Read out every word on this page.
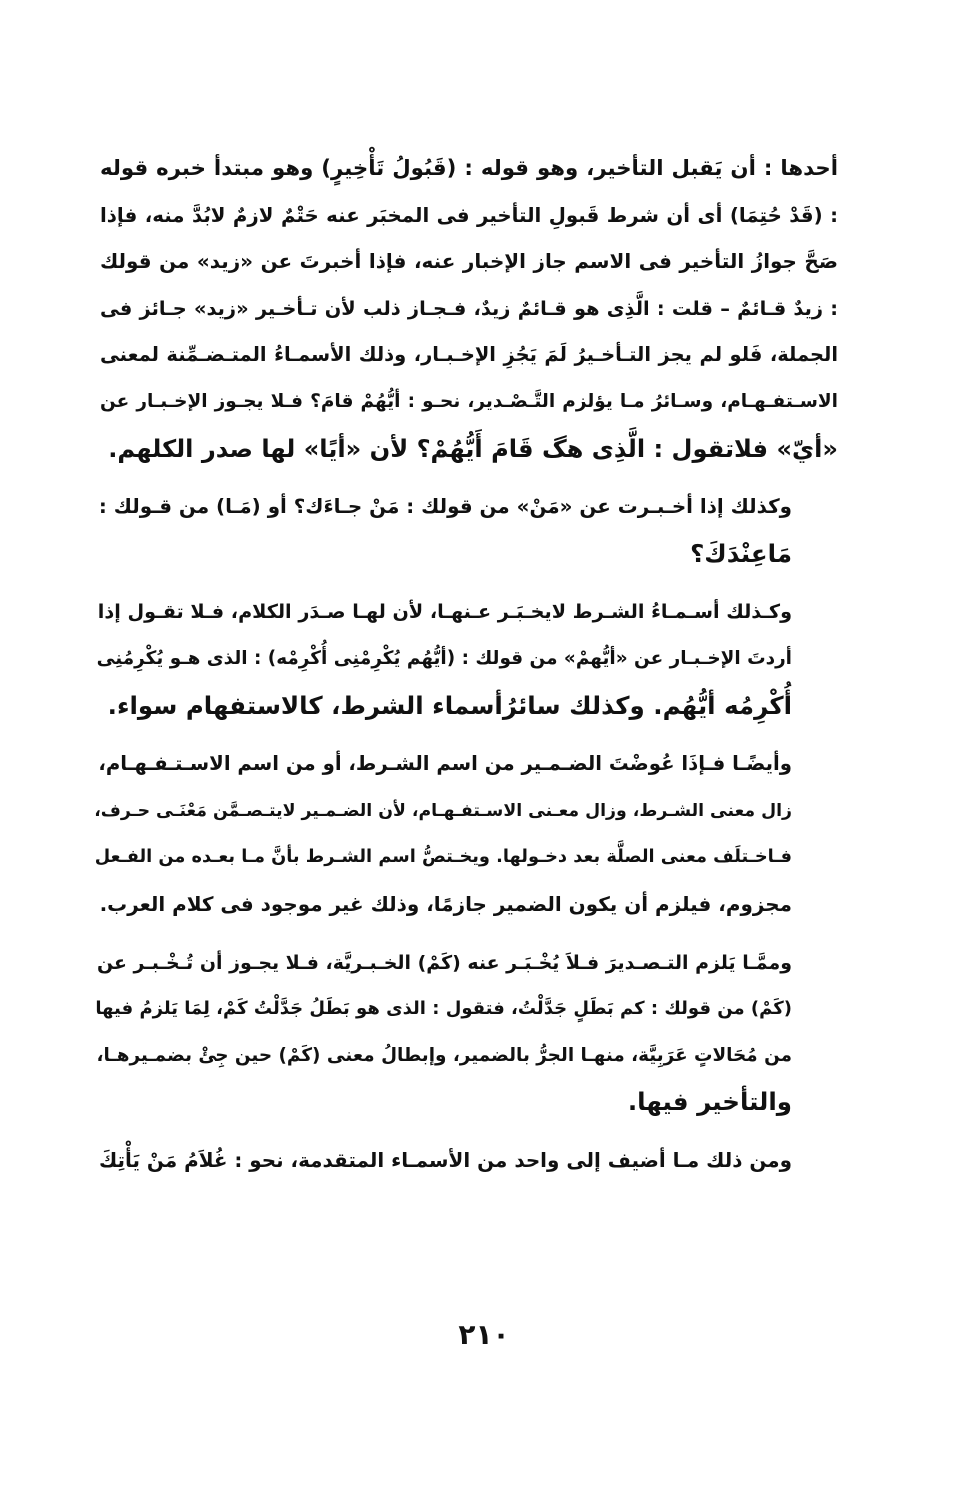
أحدها : أن يَقبل التأخير، وهو قوله : (قَبُولُ تَأْخِيرٍ) وهو مبتدأ خبره قوله
: (قَدْ حُتِمَا) أى أن شرط قَبولِ التأخير فى المخبَر عنه حَتْمٌ لازمٌ لابُدَّ منه، فإذا
صَحَّ جوازُ التأخير فى الاسم جاز الإخبار عنه، فإذا أخبرتَ عن «زيد» من قولك
: زيدٌ قـائمٌ – قلت : الَّذِى هو قـائمٌ زيدٌ، فـجـاز ذلب لأن تـأخـير «زيد» جـائز فى
الجملة، فَلو لم يجز التـأخـيرُ لَمَ يَجُزِ الإخـبـار، وذلك الأسمـاءُ المتـضـمِّنة لمعنى
الاسـتفـهـام، وسـائرُ مـا يؤلزم التَّـصْـدير، نحـو : أيُّهُمْ قامَ؟ فـلا يجـوز الإخـبـار عن
«أيّ» فلاتقول : الَّذِى هگ قَامَ أَيُّهُمْ؟ لأن «أيًا» لها صدر الكلهم.

وكذلك إذا أخـبـرت عن «مَنْ» من قولك : مَنْ جـاءَك؟ أو (مَـا) من قـولك :
مَاعِنْدَكَ؟

وكـذلك أسـمـاءُ الشـرط لايخـبَـر عـنهـا، لأن لهـا صـدَر الكلام، فـلا تقـول إذا
أردتَ الإخـبـار عن «أيُّهمْ» من قولك : (أيُّهُم يُكْرِمْنِى أُكْرِمْه) : الذى هـو يُكْرِمُنِى
أُكْرِمُه أيُّهُم. وكذلك سائرُأسماء الشرط، كالاستفهام سواء.

وأيضًـا فـإذَا عُوضْتَ الضـمـير من اسم الشـرط، أو من اسم الاسـتـفـهـام،
زال معنى الشـرط، وزال معـنى الاسـتفـهـام، لأن الضـمـير لايتـصـمَّن مَعْنَـى حـرف،
فـاخـتلَف معنى الصلَّة بعد دخـولها. ويخـتصُّ اسم الشـرط بأنَّ مـا بعـده من الفـعل
مجزوم، فيلزم أن يكون الضمير جازمًا، وذلك غير موجود فى كلام العرب.

وممَّـا يَلزم التـصـديرَ فـلاَ يُخْـبَـر عنه (كَمْ) الخـبـريَّة، فـلا يجـوز أن تُـخْـبـر عن
(كَمْ) من قولك : كم بَطَلٍ جَدَّلْتُ، فتقول : الذى هو بَطَلُ جَدَّلْتُ كَمْ، لِمَا يَلزمُ فيها
من مُحَالاتٍ عَرَبِيَّة، منهـا الجرُّ بالضمير، وإبطالُ معنى (كَمْ) حين جِئْ بضمـيرهـا،
والتأخير فيها.

ومن ذلك مـا أضيف إلى واحد من الأسمـاء المتقدمة، نحو : غُلاَمُ مَنْ يَأْتِكَ

٢١٠
